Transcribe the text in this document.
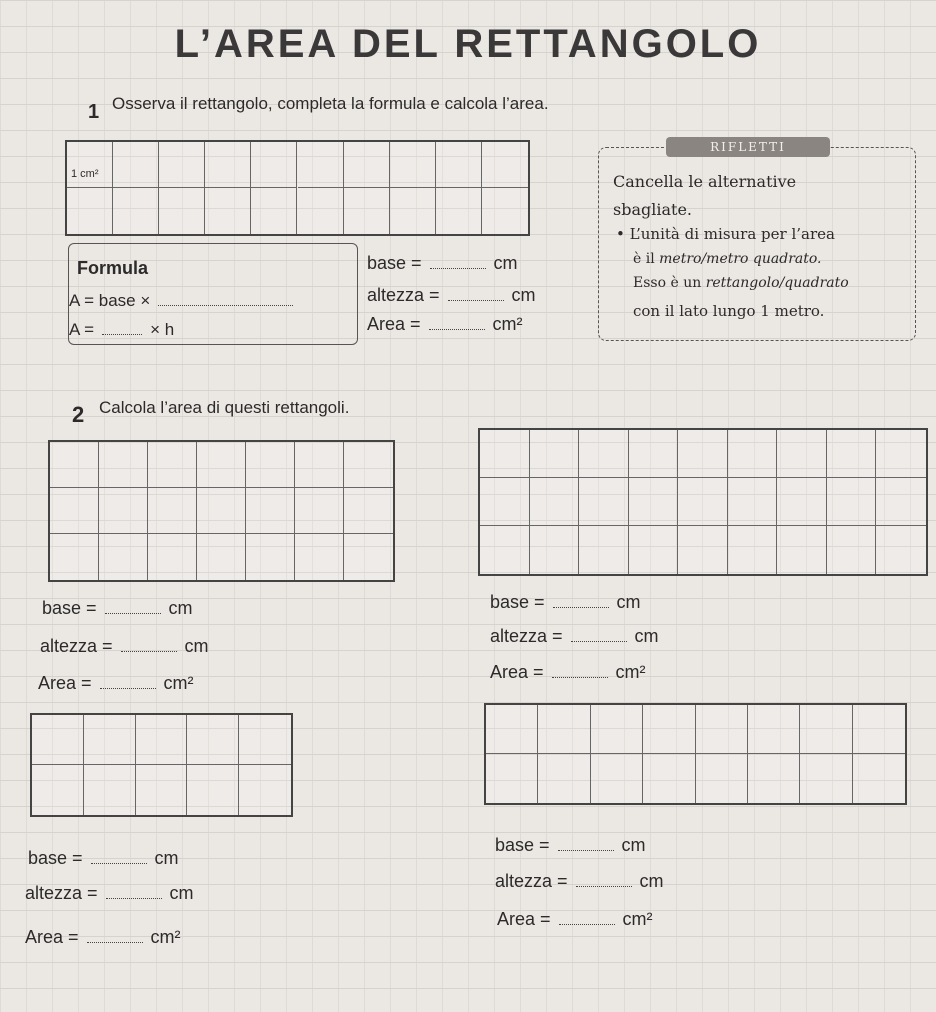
L’AREA DEL RETTANGOLO
1 Osserva il rettangolo, completa la formula e calcola l’area.
1 cm²
Formula
A = base ×
A =	× h
base =	cm
altezza =	cm
Area =	cm²
RIFLETTI
Cancella le alternative
sbagliate.
• L’unità di misura per l’area
è il metro/metro quadrato.
Esso è un rettangolo/quadrato
con il lato lungo 1 metro.
2 Calcola l’area di questi rettangoli.
base =	cm
altezza =	cm
Area =	cm²
base =	cm
altezza =	cm
Area =	cm²
base =	cm
altezza =	cm
Area =	cm²
base =	cm
altezza =	cm
Area =	cm²
